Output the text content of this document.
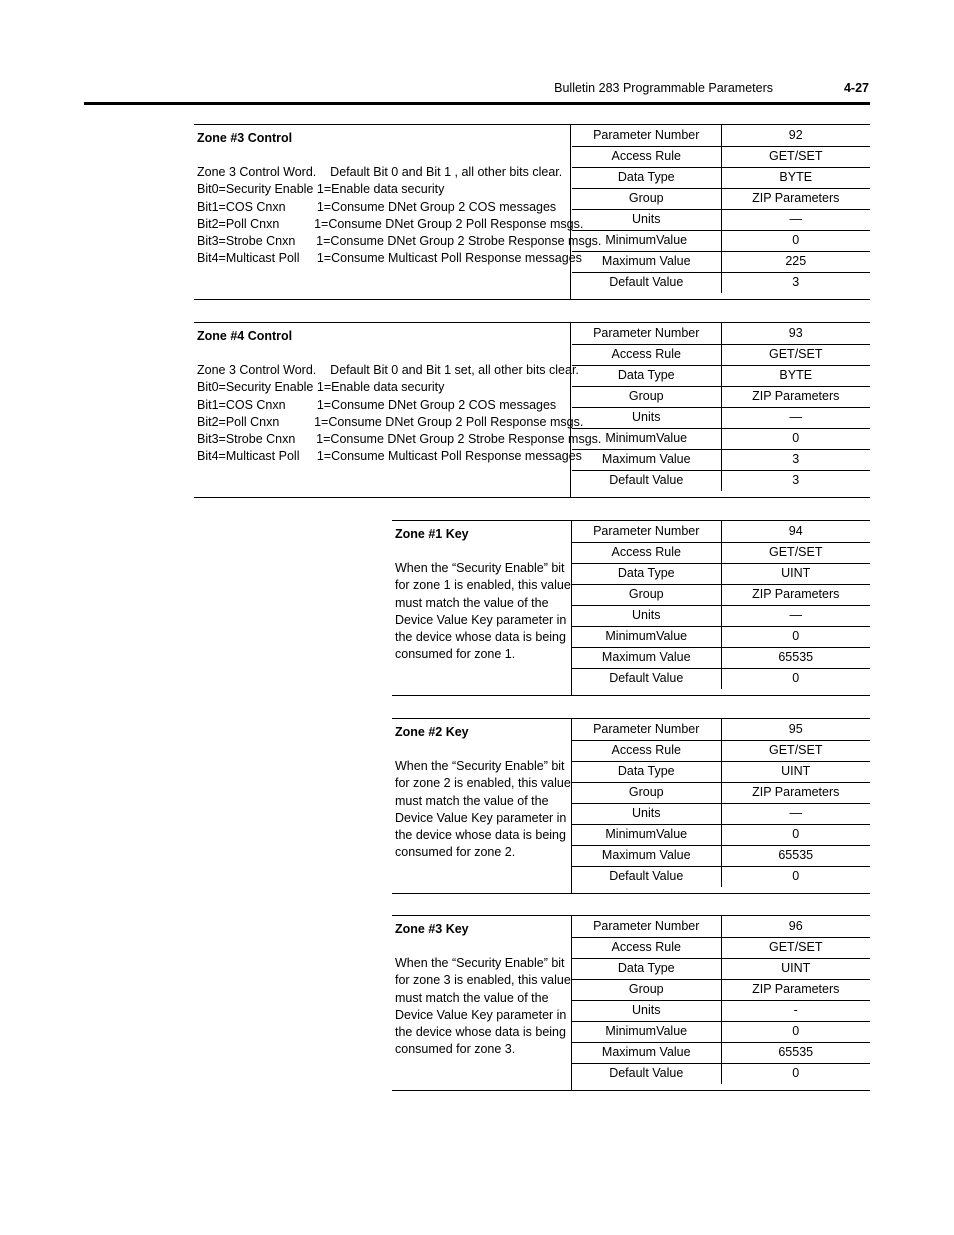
Bulletin 283 Programmable Parameters	4-27
Zone #3 Control
Zone 3 Control Word.    Default Bit 0 and Bit 1 , all other bits clear.
Bit0=Security Enable 1=Enable data security
Bit1=COS Cnxn         1=Consume DNet Group 2 COS messages
Bit2=Poll Cnxn          1=Consume DNet Group 2 Poll Response msgs.
Bit3=Strobe Cnxn      1=Consume DNet Group 2 Strobe Response msgs.
Bit4=Multicast Poll     1=Consume Multicast Poll Response messages
Parameter Number	92
Access Rule	GET/SET
Data Type	BYTE
Group	ZIP Parameters
Units	—
MinimumValue	0
Maximum Value	225
Default Value	3
Zone #4 Control
Zone 3 Control Word.    Default Bit 0 and Bit 1 set, all other bits clear.
Bit0=Security Enable 1=Enable data security
Bit1=COS Cnxn         1=Consume DNet Group 2 COS messages
Bit2=Poll Cnxn          1=Consume DNet Group 2 Poll Response msgs.
Bit3=Strobe Cnxn      1=Consume DNet Group 2 Strobe Response msgs.
Bit4=Multicast Poll     1=Consume Multicast Poll Response messages
Parameter Number	93
Access Rule	GET/SET
Data Type	BYTE
Group	ZIP Parameters
Units	—
MinimumValue	0
Maximum Value	3
Default Value	3
Zone #1 Key
When the “Security Enable” bit for zone 1 is enabled, this value must match the value of the Device Value Key parameter in the device whose data is being consumed for zone 1.
Parameter Number	94
Access Rule	GET/SET
Data Type	UINT
Group	ZIP Parameters
Units	—
MinimumValue	0
Maximum Value	65535
Default Value	0
Zone #2 Key
When the “Security Enable” bit for zone 2 is enabled, this value must match the value of the Device Value Key parameter in the device whose data is being consumed for zone 2.
Parameter Number	95
Access Rule	GET/SET
Data Type	UINT
Group	ZIP Parameters
Units	—
MinimumValue	0
Maximum Value	65535
Default Value	0
Zone #3 Key
When the “Security Enable” bit for zone 3 is enabled, this value must match the value of the Device Value Key parameter in the device whose data is being consumed for zone 3.
Parameter Number	96
Access Rule	GET/SET
Data Type	UINT
Group	ZIP Parameters
Units	-
MinimumValue	0
Maximum Value	65535
Default Value	0
